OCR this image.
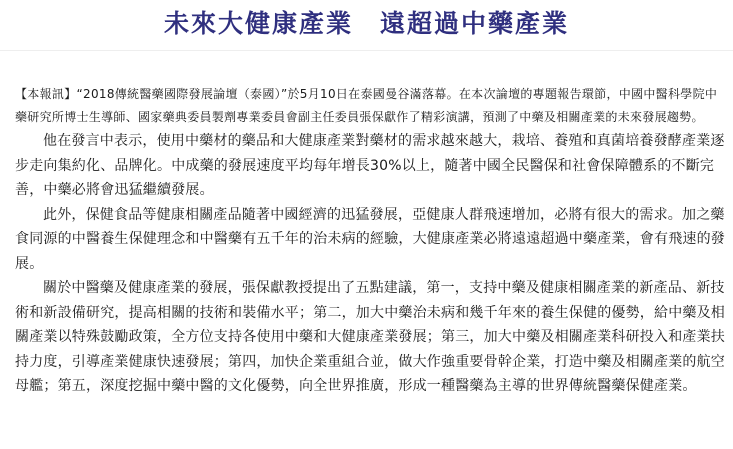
未來大健康產業　遠超過中藥產業

【本報訊】“2018傳統醫藥國際發展論壇（泰國）”於5月10日在泰國曼谷滿落幕。在本次論壇的專題報告環節，中國中醫科學院中藥研究所博士生導師、國家藥典委員製劑專業委員會副主任委員張保獻作了精彩演講，預測了中藥及相關產業的未來發展趨勢。

他在發言中表示，使用中藥材的藥品和大健康產業對藥材的需求越來越大，栽培、養殖和真菌培養發酵產業逐步走向集約化、品牌化。中成藥的發展速度平均每年增長30%以上，隨著中國全民醫保和社會保障體系的不斷完善，中藥必將會迅猛繼續發展。

此外，保健食品等健康相關產品隨著中國經濟的迅猛發展，亞健康人群飛速增加，必將有很大的需求。加之藥食同源的中醫養生保健理念和中醫藥有五千年的治未病的經驗，大健康產業必將遠遠超過中藥產業，會有飛速的發展。

關於中醫藥及健康產業的發展，張保獻教授提出了五點建議，第一，支持中藥及健康相關產業的新產品、新技術和新設備研究，提高相關的技術和裝備水平；第二，加大中藥治未病和幾千年來的養生保健的優勢，給中藥及相關產業以特殊鼓勵政策，全方位支持各使用中藥和大健康產業發展；第三，加大中藥及相關產業科研投入和產業扶持力度，引導產業健康快速發展；第四，加快企業重組合並，做大作強重要骨幹企業，打造中藥及相關產業的航空母艦；第五，深度挖掘中藥中醫的文化優勢，向全世界推廣，形成一種醫藥為主導的世界傳統醫藥保健產業。
